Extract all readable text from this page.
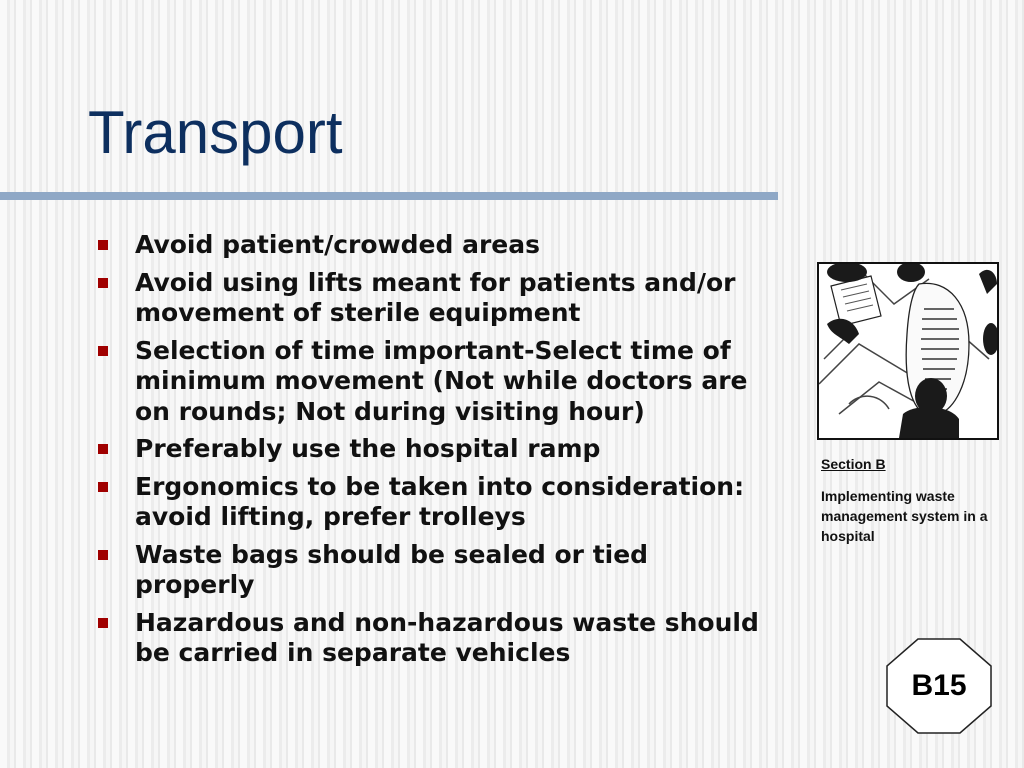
Transport
Avoid patient/crowded areas
Avoid using lifts meant for patients and/or movement of sterile equipment
Selection of time important-Select time of minimum movement (Not while doctors are on rounds; Not during visiting hour)
Preferably use the hospital ramp
Ergonomics to be taken into consideration: avoid lifting, prefer trolleys
Waste bags should be sealed or tied properly
Hazardous and non-hazardous waste should be carried in separate vehicles
Section B
Implementing waste management system in a hospital
B15
